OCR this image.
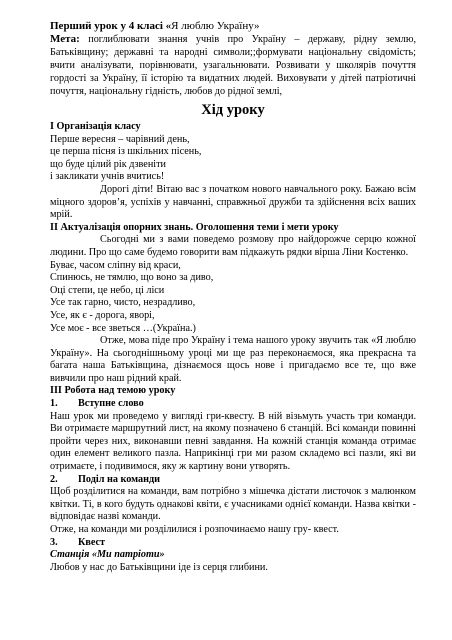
Перший урок у 4 класі «Я люблю Україну»

Мета: поглиблювати знання учнів про Україну – державу, рідну землю, Батьківщину; державні та народні символи;;формувати національну свідомість; вчити аналізувати, порівнювати, узагальнювати. Розвивати у школярів почуття гордості за Україну, її історію та видатних людей. Виховувати у дітей патріотичні почуття, національну гідність, любов до рідної землі,

Хід уроку

І Організація класу

Перше вересня – чарівний день,

це перша пісня із шкільних пісень,

що буде цілий рік дзвеніти

і закликати учнів вчитись!

Дорогі діти! Вітаю вас з початком нового навчального року. Бажаю всім міцного здоров’я, успіхів у навчанні, справжньої дружби та здійснення всіх ваших мрій.

ІІ Актуалізація опорних знань. Оголошення теми і мети уроку

Сьогодні ми з вами поведемо розмову про найдорожче серцю кожної людини. Про що саме будемо говорити вам підкажуть рядки вірша Ліни Костенко.

Буває, часом сліпну від краси,

Спинюсь, не тямлю, що воно за диво,

Оці степи, це небо, ці ліси

Усе так гарно, чисто, незрадливо,

Усе, як є - дорога, яворі,

Усе моє - все зветься …(Україна.)

Отже, мова піде про Україну і тема нашого уроку звучить так «Я люблю Україну». На сьогоднішньому уроці ми ще раз переконаємося, яка прекрасна та багата наша Батьківщина, дізнаємося щось нове і пригадаємо все те, що вже вивчили про наш рідний край.

ІІІ Робота над темою уроку

1.	Вступне слово

Наш урок ми проведемо у вигляді гри-квесту. В ній візьмуть участь три команди. Ви отримаєте маршрутний лист, на якому позначено 6 станцій. Всі команди повинні пройти через них, виконавши певні завдання. На кожній станція команда отримає один елемент великого пазла. Наприкінці гри ми разом складемо всі пазли, які ви отримаєте, і подивимося, яку ж картину вони утворять.

2.	Поділ на команди

Щоб розділитися на команди, вам потрібно з мішечка дістати листочок з малюнком квітки. Ті, в кого будуть однакові квіти, є учасниками однієї команди. Назва квітки - відповідає назві команди.

Отже, на команди ми розділилися і розпочинаємо нашу гру- квест.

3.	Квест

Станція «Ми патріоти»

Любов у нас до Батьківщини іде із серця глибини.
